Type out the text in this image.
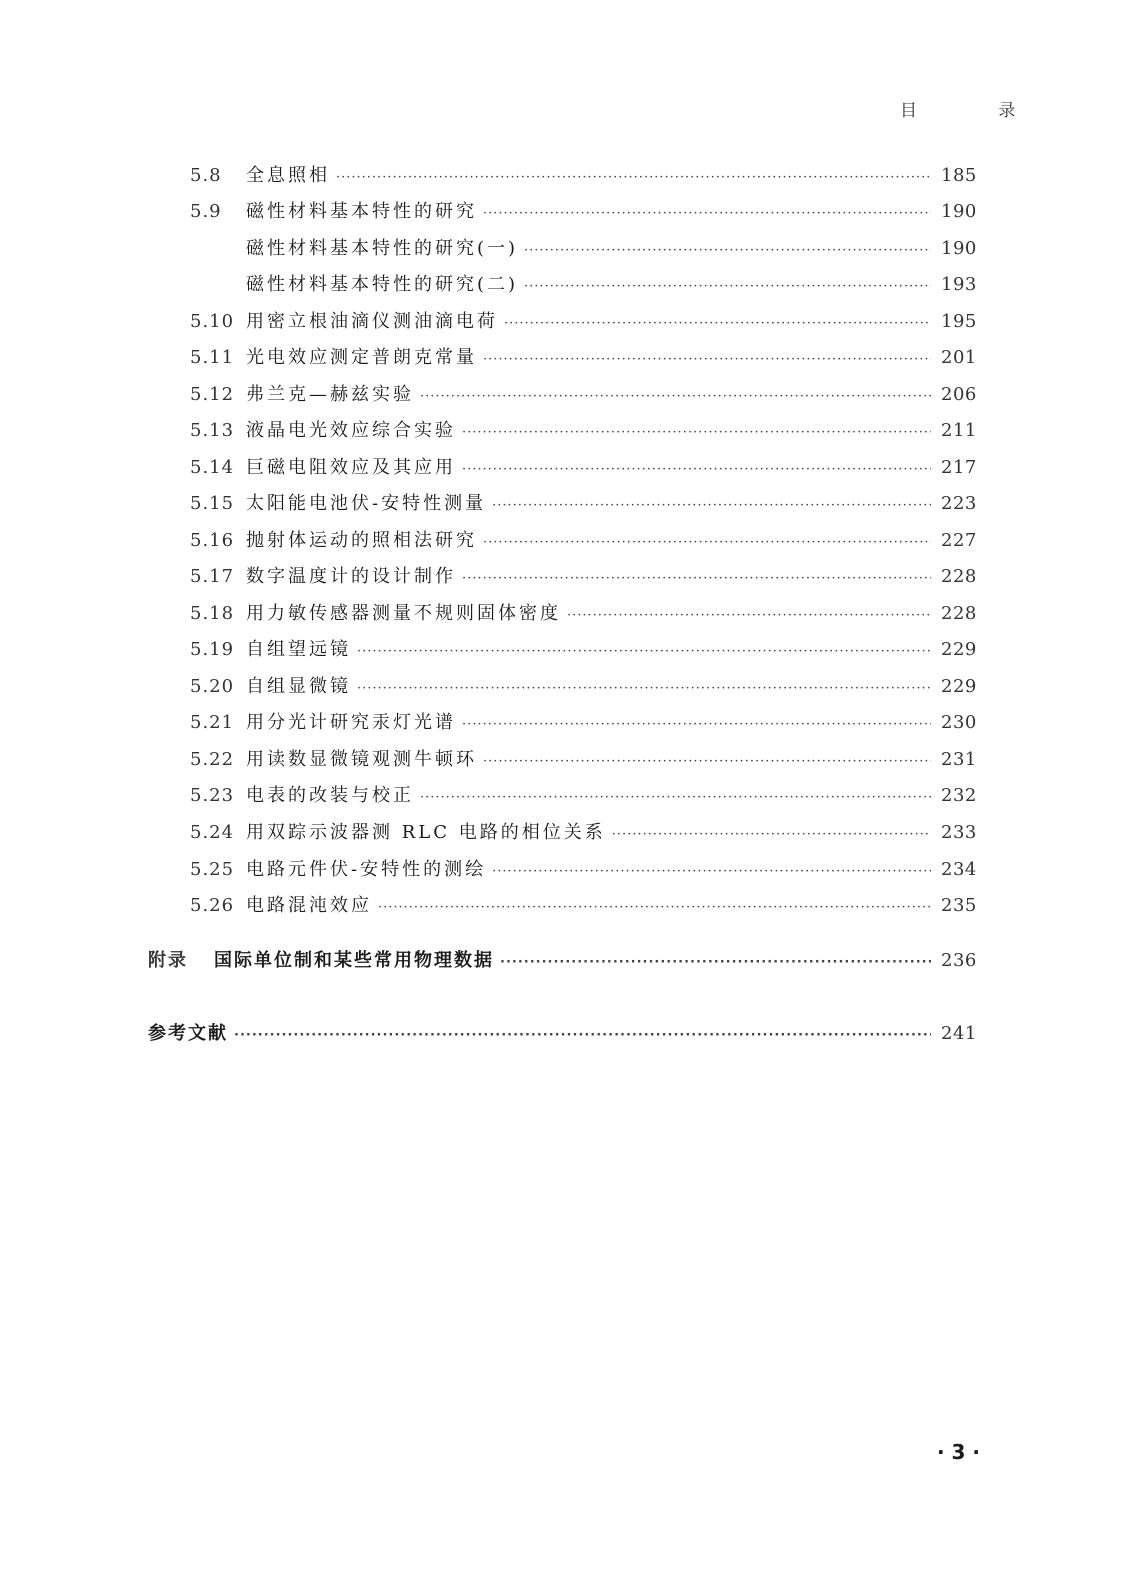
目 录
5.8	全息照相 ·····	185
5.9	磁性材料基本特性的研究 ·····	190
磁性材料基本特性的研究(一) ·····	190
磁性材料基本特性的研究(二) ·····	193
5.10 用密立根油滴仪测油滴电荷 ·····	195
5.11 光电效应测定普朗克常量 ·····	201
5.12 弗兰克—赫兹实验 ·····	206
5.13 液晶电光效应综合实验 ·····	211
5.14 巨磁电阻效应及其应用 ·····	217
5.15 太阳能电池伏-安特性测量 ·····	223
5.16 抛射体运动的照相法研究 ·····	227
5.17 数字温度计的设计制作 ·····	228
5.18 用力敏传感器测量不规则固体密度 ·····	228
5.19 自组望远镜 ·····	229
5.20 自组显微镜 ·····	229
5.21 用分光计研究汞灯光谱 ·····	230
5.22 用读数显微镜观测牛顿环 ·····	231
5.23 电表的改装与校正 ·····	232
5.24 用双踪示波器测 RLC 电路的相位关系 ·····	233
5.25 电路元件伏-安特性的测绘 ·····	234
5.26 电路混沌效应 ·····	235
附录	国际单位制和某些常用物理数据 ·····	236
参考文献 ·····	241
· 3 ·
